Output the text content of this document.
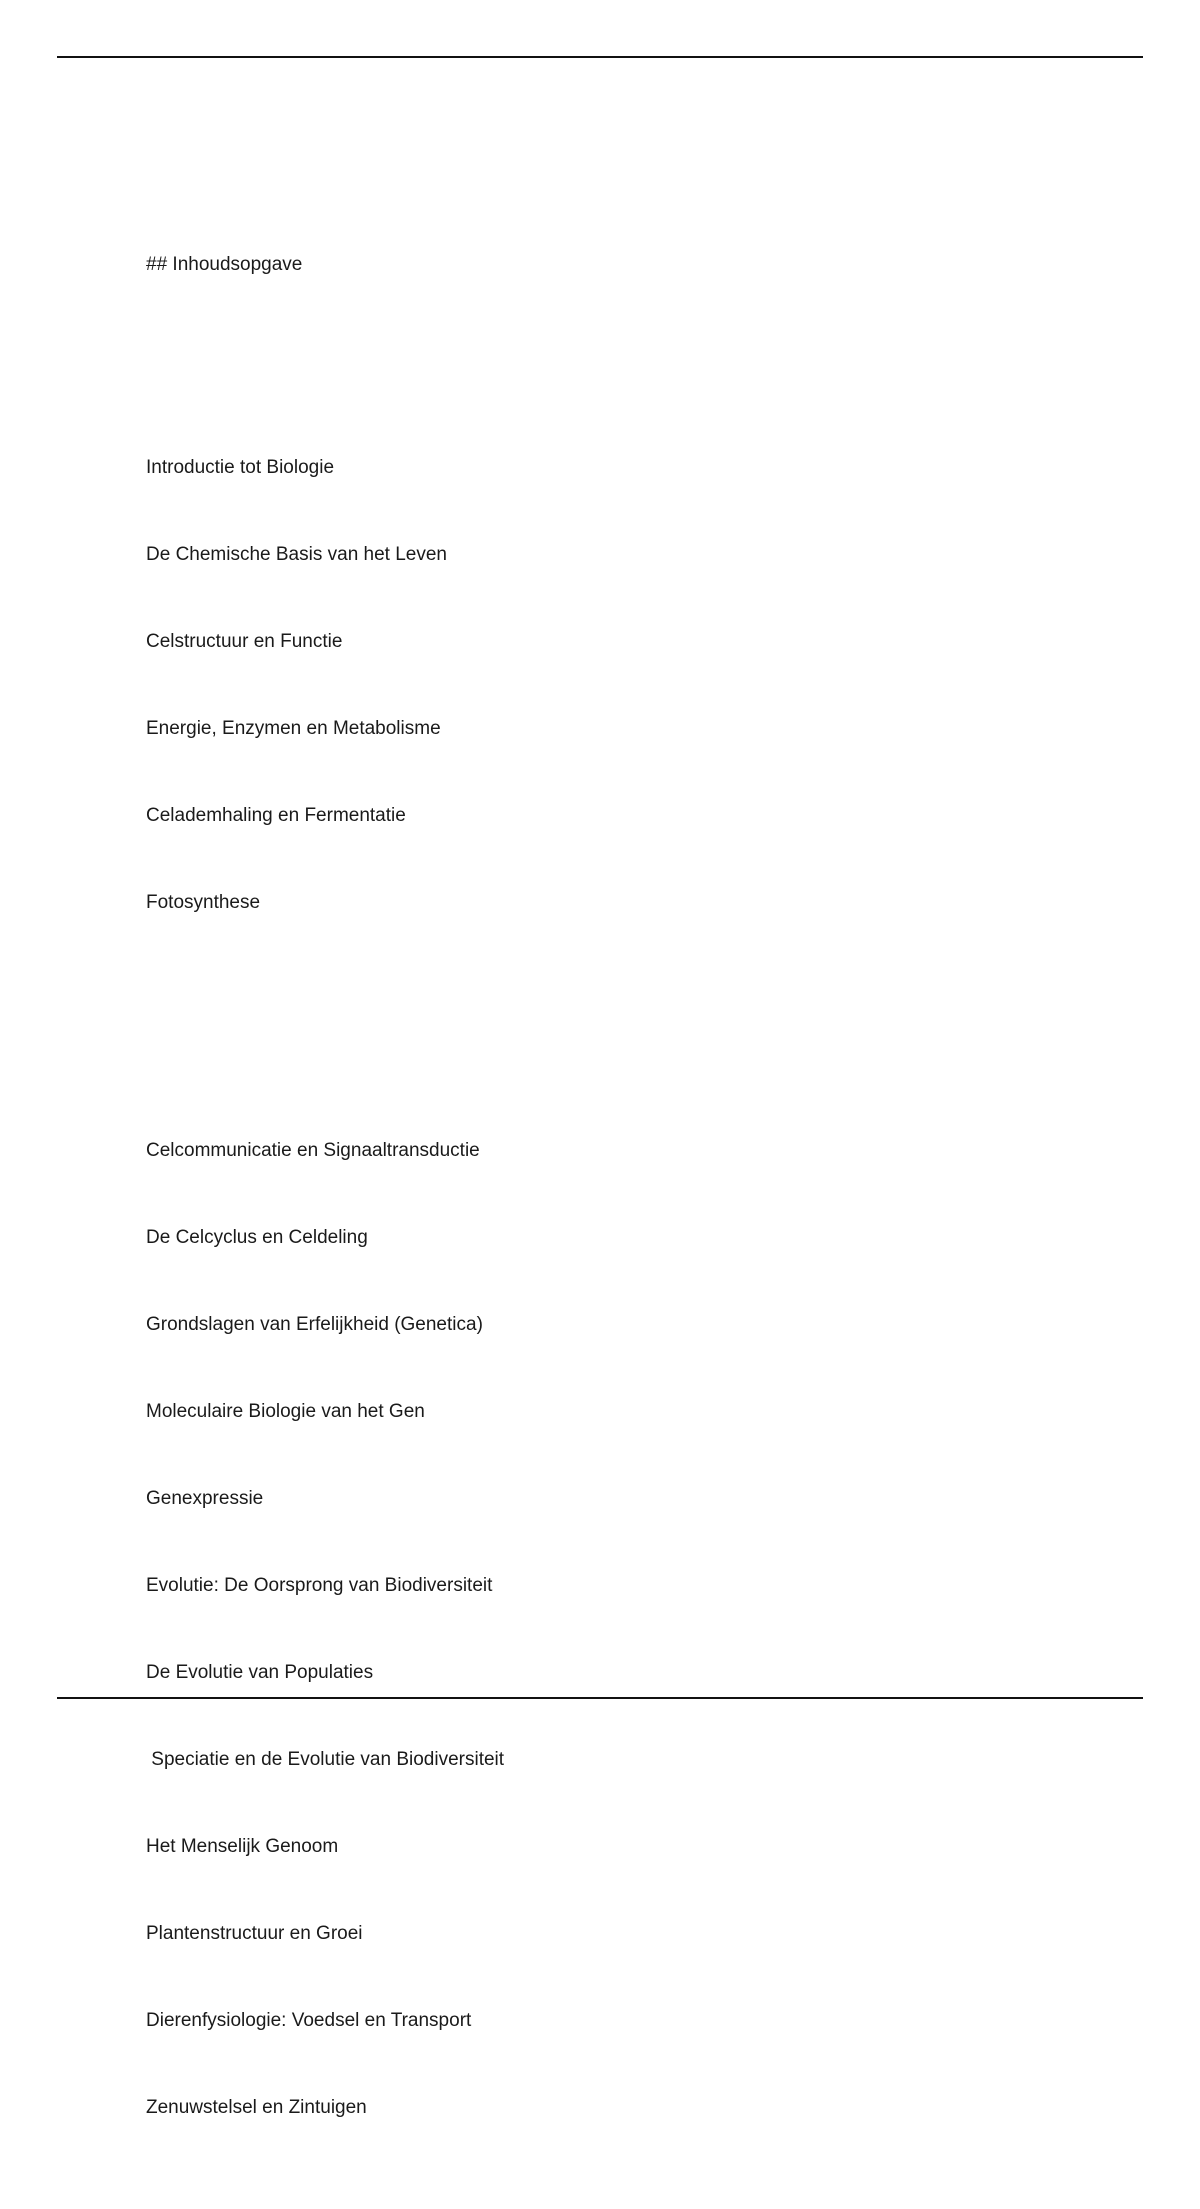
## Inhoudsopgave

Introductie tot Biologie

De Chemische Basis van het Leven

Celstructuur en Functie

Energie, Enzymen en Metabolisme

Celademhaling en Fermentatie

Fotosynthese

Celcommunicatie en Signaaltransductie

De Celcyclus en Celdeling

Grondslagen van Erfelijkheid (Genetica)

Moleculaire Biologie van het Gen

Genexpressie

Evolutie: De Oorsprong van Biodiversiteit

De Evolutie van Populaties

Speciatie en de Evolutie van Biodiversiteit

Het Menselijk Genoom

Plantenstructuur en Groei

Dierenfysiologie: Voedsel en Transport

Zenuwstelsel en Zintuigen
